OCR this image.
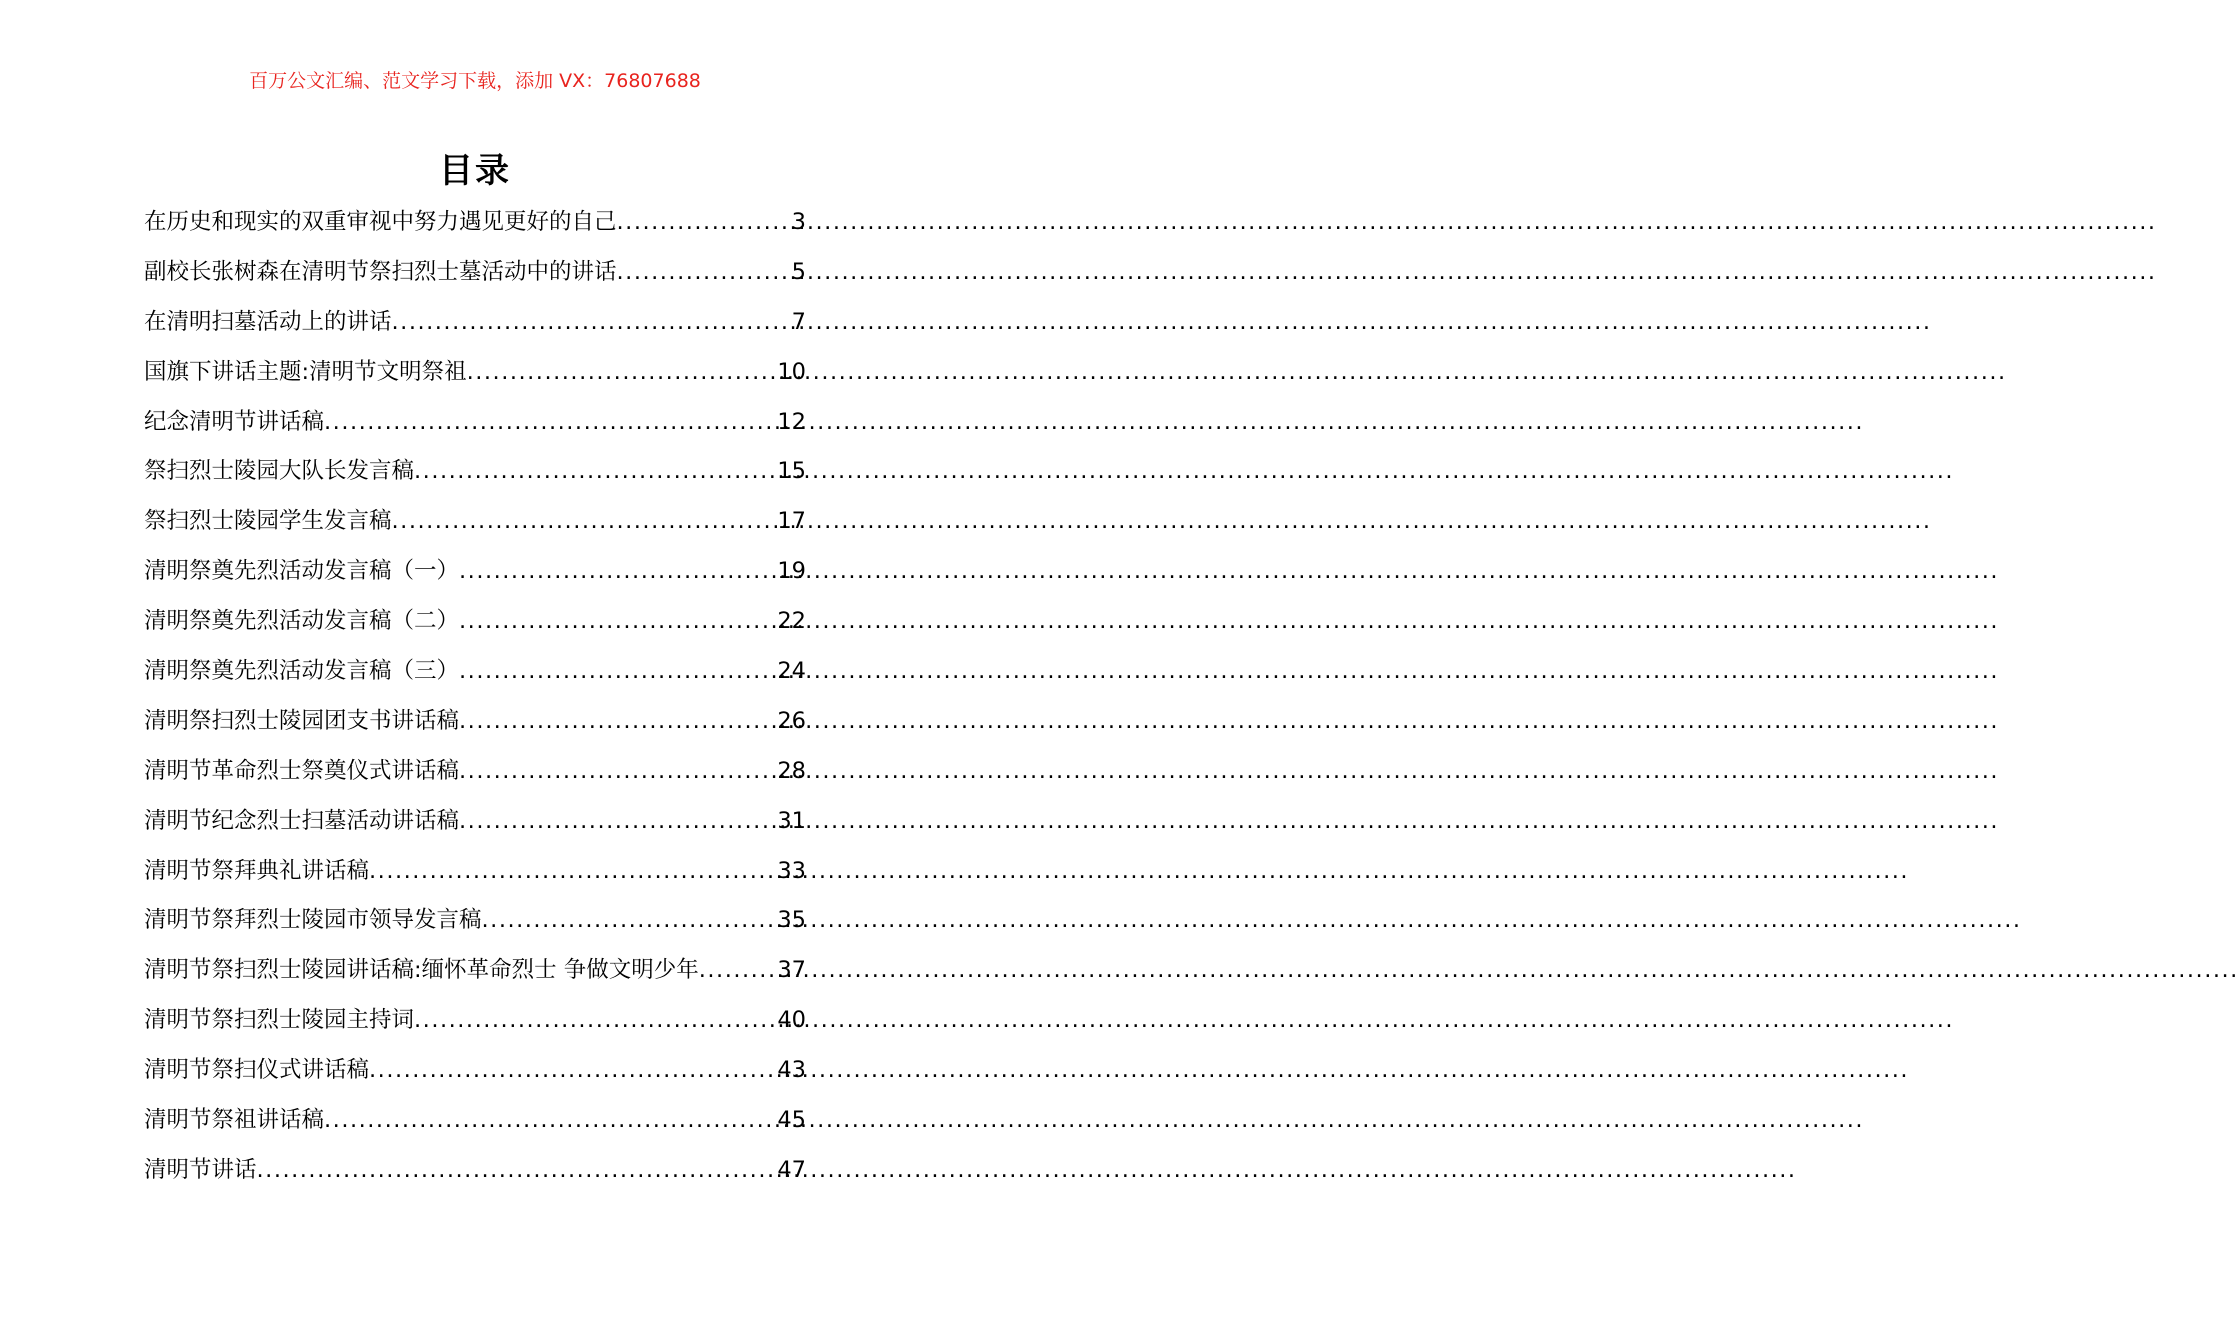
百万公文汇编、范文学习下载，添加 VX：76807688
目录
在历史和现实的双重审视中努力遇见更好的自己 .....	3
副校长张树森在清明节祭扫烈士墓活动中的讲话 .....	5
在清明扫墓活动上的讲话 .....	7
国旗下讲话主题:清明节文明祭祖 .....	10
纪念清明节讲话稿 .....	12
祭扫烈士陵园大队长发言稿 .....	15
祭扫烈士陵园学生发言稿 .....	17
清明祭奠先烈活动发言稿（一） .....	19
清明祭奠先烈活动发言稿（二） .....	22
清明祭奠先烈活动发言稿（三） .....	24
清明祭扫烈士陵园团支书讲话稿 .....	26
清明节革命烈士祭奠仪式讲话稿 .....	28
清明节纪念烈士扫墓活动讲话稿 .....	31
清明节祭拜典礼讲话稿 .....	33
清明节祭拜烈士陵园市领导发言稿 .....	35
清明节祭扫烈士陵园讲话稿:缅怀革命烈士 争做文明少年 .....	37
清明节祭扫烈士陵园主持词 .....	40
清明节祭扫仪式讲话稿 .....	43
清明节祭祖讲话稿 .....	45
清明节讲话 .....	47
